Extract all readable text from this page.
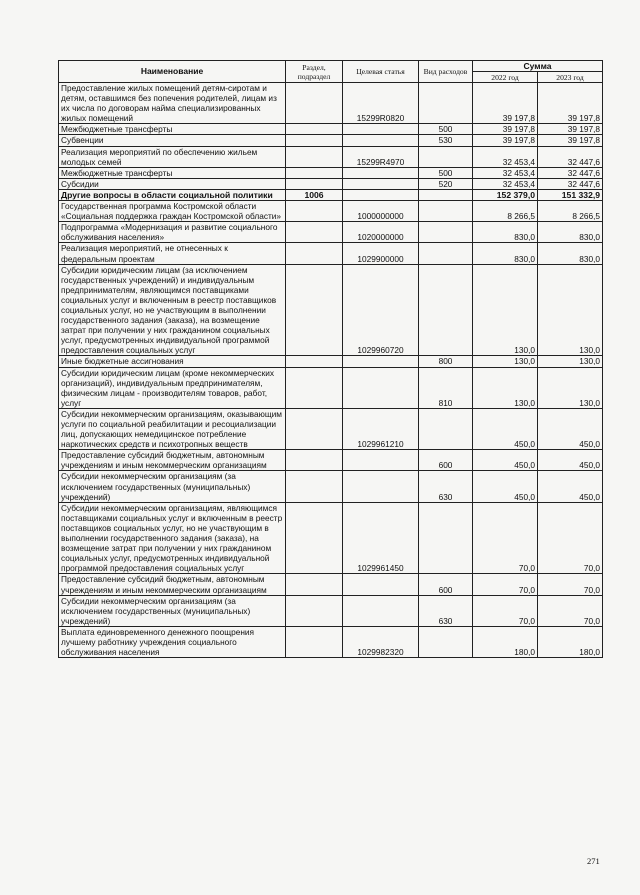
Наименование	Раздел, подраздел	Целевая статья	Вид расходов	Сумма	
				2022 год	2023 год
Предоставление жилых помещений детям-сиротам и детям, оставшимся без попечения родителей, лицам из их числа по договорам найма специализированных жилых помещений		15299R0820		39 197,8	39 197,8
Межбюджетные трансферты			500	39 197,8	39 197,8
Субвенции			530	39 197,8	39 197,8
Реализация мероприятий по обеспечению жильем молодых семей		15299R4970		32 453,4	32 447,6
Межбюджетные трансферты			500	32 453,4	32 447,6
Субсидии			520	32 453,4	32 447,6
Другие вопросы в области социальной политики	1006			152 379,0	151 332,9
Государственная программа Костромской области «Социальная поддержка граждан Костромской области»		1000000000		8 266,5	8 266,5
Подпрограмма «Модернизация и развитие социального обслуживания населения»		1020000000		830,0	830,0
Реализация мероприятий, не отнесенных к федеральным проектам		1029900000		830,0	830,0
Субсидии юридическим лицам (за исключением государственных учреждений) и индивидуальным предпринимателям, являющимся поставщиками социальных услуг и включенным в реестр поставщиков социальных услуг, но не участвующим в выполнении государственного задания (заказа), на возмещение затрат при получении у них гражданином социальных услуг, предусмотренных индивидуальной программой предоставления социальных услуг		1029960720		130,0	130,0
Иные бюджетные ассигнования			800	130,0	130,0
Субсидии юридическим лицам (кроме некоммерческих организаций), индивидуальным предпринимателям, физическим лицам - производителям товаров, работ, услуг			810	130,0	130,0
Субсидии некоммерческим организациям, оказывающим услуги по социальной реабилитации и ресоциализации лиц, допускающих немедицинское потребление наркотических средств и психотропных веществ		1029961210		450,0	450,0
Предоставление субсидий бюджетным, автономным учреждениям и иным некоммерческим организациям			600	450,0	450,0
Субсидии некоммерческим организациям (за исключением государственных (муниципальных) учреждений)			630	450,0	450,0
Субсидии некоммерческим организациям, являющимся поставщиками социальных услуг и включенным в реестр поставщиков социальных услуг, но не участвующим в выполнении государственного задания (заказа), на возмещение затрат при получении у них гражданином социальных услуг, предусмотренных индивидуальной программой предоставления социальных услуг		1029961450		70,0	70,0
Предоставление субсидий бюджетным, автономным учреждениям и иным некоммерческим организациям			600	70,0	70,0
Субсидии некоммерческим организациям (за исключением государственных (муниципальных) учреждений)			630	70,0	70,0
Выплата единовременного денежного поощрения лучшему работнику учреждения социального обслуживания населения		1029982320		180,0	180,0
271
